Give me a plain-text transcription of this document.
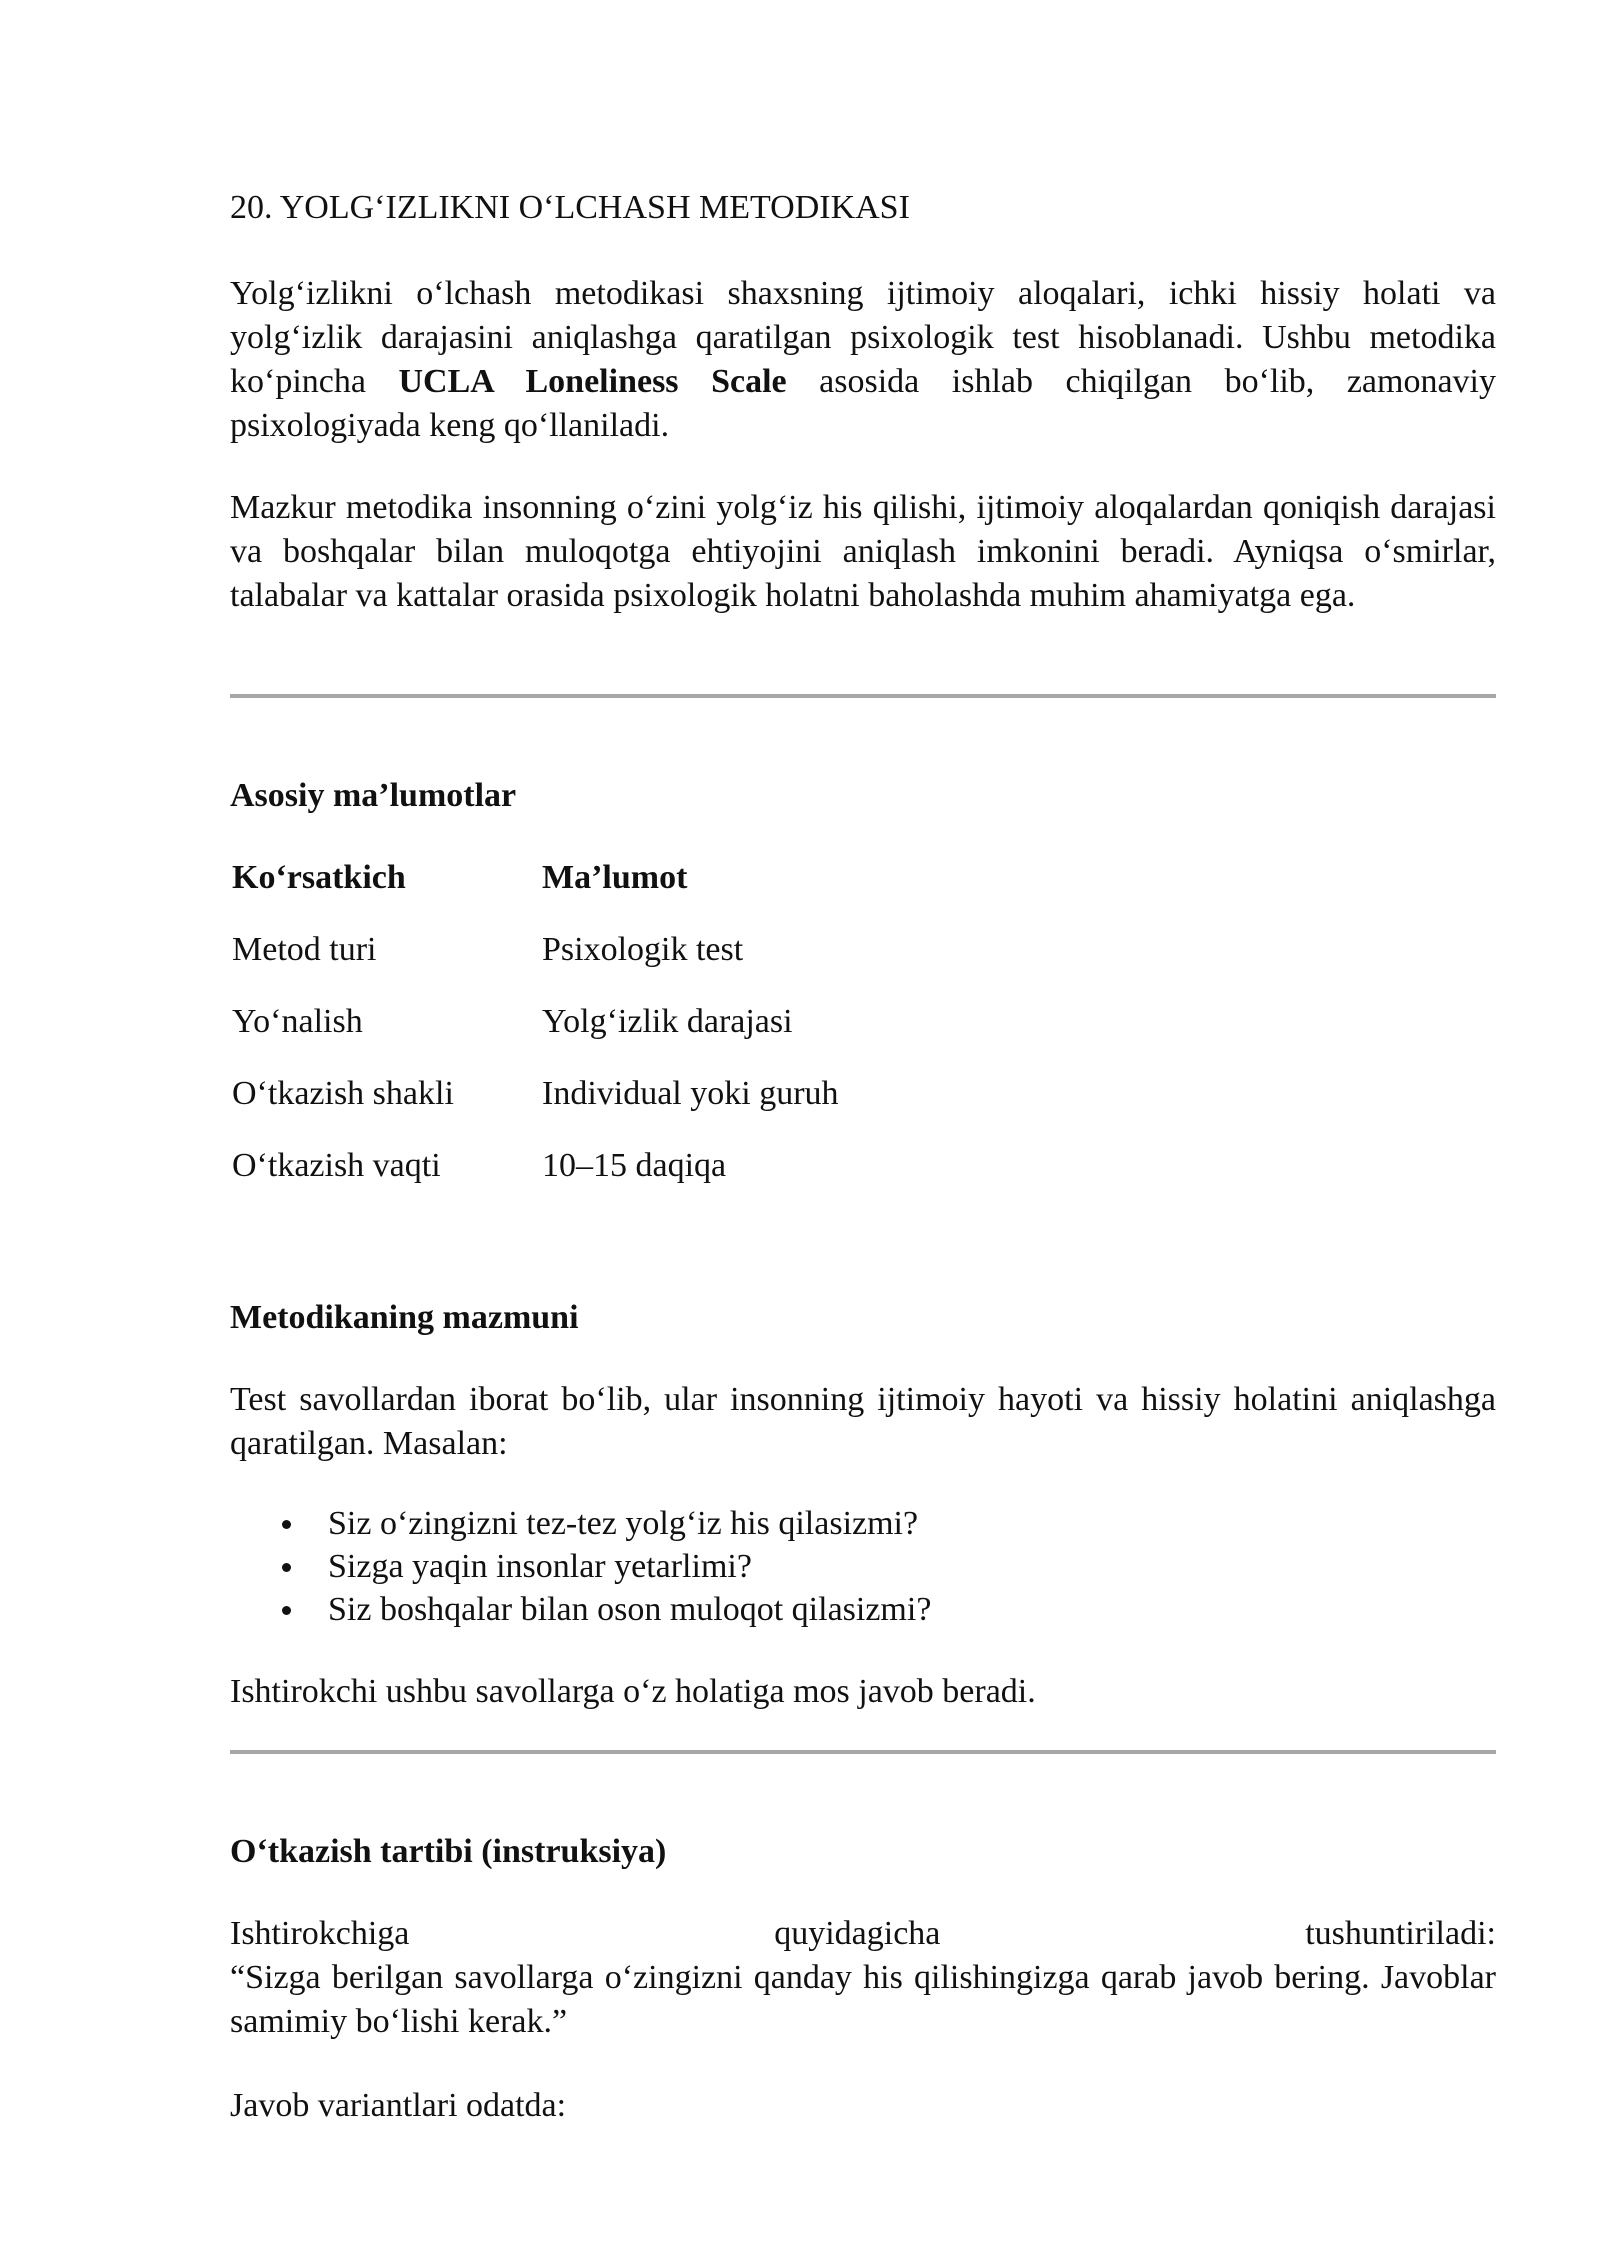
20. YOLG‘IZLIKNI O‘LCHASH METODIKASI

Yolg‘izlikni o‘lchash metodikasi shaxsning ijtimoiy aloqalari, ichki hissiy holati va yolg‘izlik darajasini aniqlashga qaratilgan psixologik test hisoblanadi. Ushbu metodika ko‘pincha UCLA Loneliness Scale asosida ishlab chiqilgan bo‘lib, zamonaviy psixologiyada keng qo‘llaniladi.

Mazkur metodika insonning o‘zini yolg‘iz his qilishi, ijtimoiy aloqalardan qoniqish darajasi va boshqalar bilan muloqotga ehtiyojini aniqlash imkonini beradi. Ayniqsa o‘smirlar, talabalar va kattalar orasida psixologik holatni baholashda muhim ahamiyatga ega.

Asosiy ma’lumotlar
Ko‘rsatkich	Ma’lumot
Metod turi	Psixologik test
Yo‘nalish	Yolg‘izlik darajasi
O‘tkazish shakli	Individual yoki guruh
O‘tkazish vaqti	10–15 daqiqa
Metodikaning mazmuni

Test savollardan iborat bo‘lib, ular insonning ijtimoiy hayoti va hissiy holatini aniqlashga qaratilgan. Masalan:

Siz o‘zingizni tez-tez yolg‘iz his qilasizmi?
Sizga yaqin insonlar yetarlimi?
Siz boshqalar bilan oson muloqot qilasizmi?

Ishtirokchi ushbu savollarga o‘z holatiga mos javob beradi.

O‘tkazish tartibi (instruksiya)
Ishtirokchiga	quyidagicha	tushuntiriladi:
“Sizga berilgan savollarga o‘zingizni qanday his qilishingizga qarab javob bering. Javoblar samimiy bo‘lishi kerak.”

Javob variantlari odatda:
